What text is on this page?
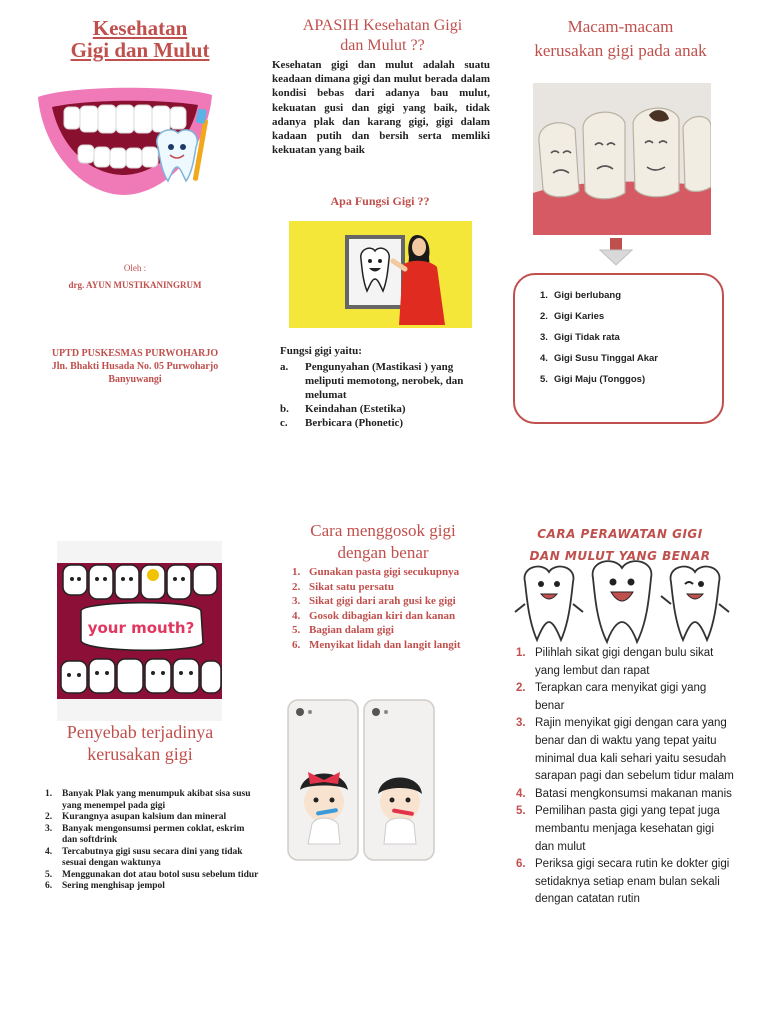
Kesehatan
Gigi dan Mulut
Oleh :
drg. AYUN MUSTIKANINGRUM
UPTD PUSKESMAS PURWOHARJO
Jln. Bhakti Husada No. 05 Purwoharjo
Banyuwangi
APASIH Kesehatan Gigi
dan Mulut ??
Kesehatan gigi dan mulut adalah suatu keadaan dimana gigi dan mulut berada dalam kondisi bebas dari adanya bau mulut, kekuatan gusi dan gigi yang baik, tidak adanya plak dan karang gigi, gigi dalam kadaan putih dan bersih serta memliki kekuatan yang baik
Apa Fungsi Gigi ??
Fungsi gigi yaitu:
a.	Pengunyahan (Mastikasi ) yang meliputi memotong, nerobek, dan melumat
b.	Keindahan (Estetika)
c.	Berbicara (Phonetic)
Macam-macam
kerusakan gigi pada anak
1. Gigi berlubang
2. Gigi Karies
3. Gigi Tidak rata
4. Gigi Susu Tinggal Akar
5. Gigi Maju (Tonggos)
your mouth?
Penyebab terjadinya
kerusakan gigi
1.	Banyak Plak yang menumpuk akibat sisa susu yang menempel pada gigi
2.	Kurangnya asupan kalsium dan mineral
3.	Banyak mengonsumsi permen coklat, eskrim dan softdrink
4.	Tercabutnya gigi susu secara dini yang tidak sesuai dengan waktunya
5.	Menggunakan dot atau botol susu sebelum tidur
6.	Sering menghisap jempol
Cara menggosok gigi
dengan benar
1. Gunakan pasta gigi secukupnya
2. Sikat satu persatu
3. Sikat gigi dari arah gusi ke gigi
4. Gosok dibagian kiri dan kanan
5. Bagian dalam gigi
6. Menyikat lidah dan langit langit
CARA PERAWATAN GIGI
DAN MULUT YANG BENAR
1. Pilihlah sikat gigi dengan bulu sikat yang lembut dan rapat
2. Terapkan cara menyikat gigi yang benar
3. Rajin menyikat gigi dengan cara yang benar dan di waktu yang tepat yaitu minimal dua kali sehari yaitu sesudah sarapan pagi dan sebelum tidur malam
4. Batasi mengkonsumsi makanan manis
5. Pemilihan pasta gigi yang tepat juga membantu menjaga kesehatan gigi dan mulut
6. Periksa gigi secara rutin ke dokter gigi setidaknya setiap enam bulan sekali dengan catatan rutin
